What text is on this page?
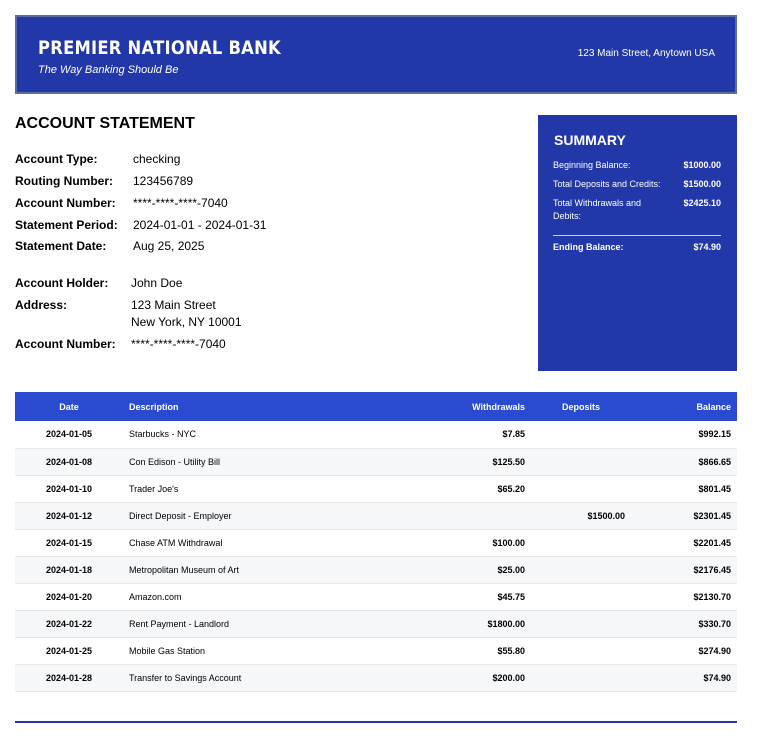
PREMIER NATIONAL BANK
The Way Banking Should Be
123 Main Street, Anytown USA
ACCOUNT STATEMENT
Account Type:	checking
Routing Number: 123456789
Account Number: ****-****-****-7040
Statement Period: 2024-01-01 - 2024-01-31
Statement Date: Aug 25, 2025
Account Holder: John Doe
Address:	123 Main Street
New York, NY 10001
Account Number: ****-****-****-7040
SUMMARY
Beginning Balance:	$1000.00
Total Deposits and Credits:	$1500.00
Total Withdrawals and Debits:
$2425.10
Ending Balance:	$74.90
Date	Description	Withdrawals	Deposits	Balance
2024-01-05	Starbucks - NYC	$7.85		$992.15
2024-01-08	Con Edison - Utility Bill	$125.50		$866.65
2024-01-10	Trader Joe's	$65.20		$801.45
2024-01-12	Direct Deposit - Employer		$1500.00	$2301.45
2024-01-15	Chase ATM Withdrawal	$100.00		$2201.45
2024-01-18	Metropolitan Museum of Art	$25.00		$2176.45
2024-01-20	Amazon.com	$45.75		$2130.70
2024-01-22	Rent Payment - Landlord	$1800.00		$330.70
2024-01-25	Mobile Gas Station	$55.80		$274.90
2024-01-28	Transfer to Savings Account	$200.00		$74.90
